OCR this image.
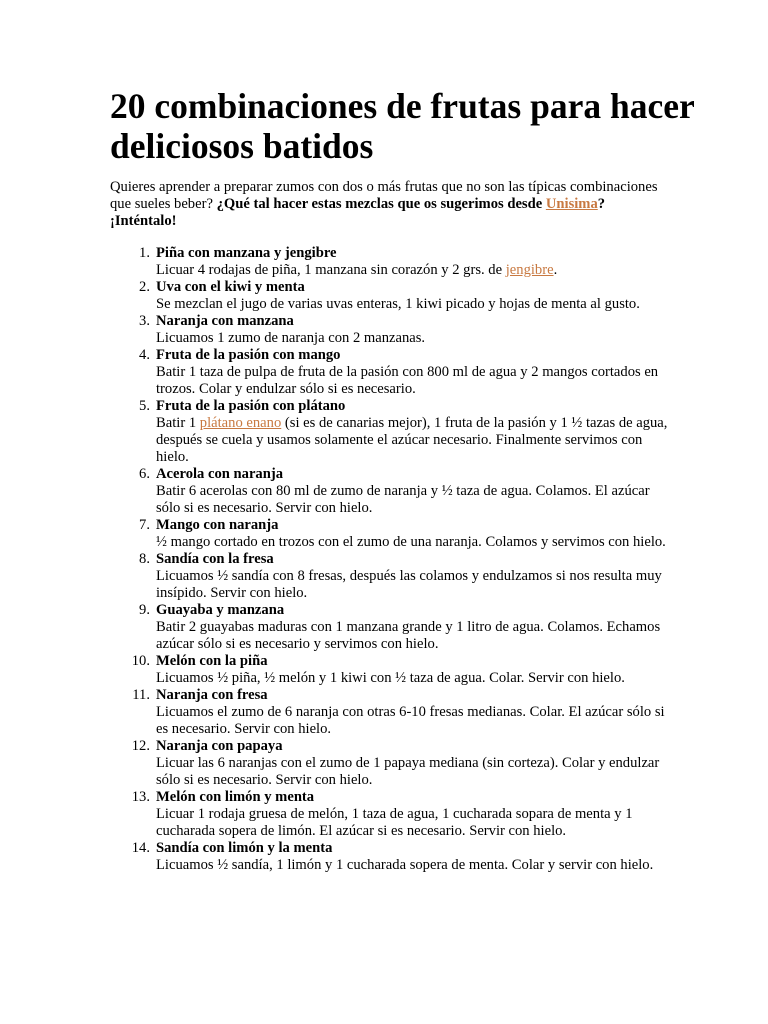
20 combinaciones de frutas para hacer deliciosos batidos

Quieres aprender a preparar zumos con dos o más frutas que no son las típicas combinaciones que sueles beber? ¿Qué tal hacer estas mezclas que os sugerimos desde Unisima? ¡Inténtalo!

1. Piña con manzana y jengibre
Licuar 4 rodajas de piña, 1 manzana sin corazón y 2 grs. de jengibre.
2. Uva con el kiwi y menta
Se mezclan el jugo de varias uvas enteras, 1 kiwi picado y hojas de menta al gusto.
3. Naranja con manzana
Licuamos 1 zumo de naranja con 2 manzanas.
4. Fruta de la pasión con mango
Batir 1 taza de pulpa de fruta de la pasión con 800 ml de agua y 2 mangos cortados en trozos. Colar y endulzar sólo si es necesario.
5. Fruta de la pasión con plátano
Batir 1 plátano enano (si es de canarias mejor), 1 fruta de la pasión y 1 ½ tazas de agua, después se cuela y usamos solamente el azúcar necesario. Finalmente servimos con hielo.
6. Acerola con naranja
Batir 6 acerolas con 80 ml de zumo de naranja y ½ taza de agua. Colamos. El azúcar sólo si es necesario. Servir con hielo.
7. Mango con naranja
½ mango cortado en trozos con el zumo de una naranja. Colamos y servimos con hielo.
8. Sandía con la fresa
Licuamos ½ sandía con 8 fresas, después las colamos y endulzamos si nos resulta muy insípido. Servir con hielo.
9. Guayaba y manzana
Batir 2 guayabas maduras con 1 manzana grande y 1 litro de agua. Colamos. Echamos azúcar sólo si es necesario y servimos con hielo.
10. Melón con la piña
Licuamos ½ piña, ½ melón y 1 kiwi con ½ taza de agua. Colar. Servir con hielo.
11. Naranja con fresa
Licuamos el zumo de 6 naranja con otras 6-10 fresas medianas. Colar. El azúcar sólo si es necesario. Servir con hielo.
12. Naranja con papaya
Licuar las 6 naranjas con el zumo de 1 papaya mediana (sin corteza). Colar y endulzar sólo si es necesario. Servir con hielo.
13. Melón con limón y menta
Licuar 1 rodaja gruesa de melón, 1 taza de agua, 1 cucharada sopara de menta y 1 cucharada sopera de limón. El azúcar si es necesario. Servir con hielo.
14. Sandía con limón y la menta
Licuamos ½ sandía, 1 limón y 1 cucharada sopera de menta. Colar y servir con hielo.
